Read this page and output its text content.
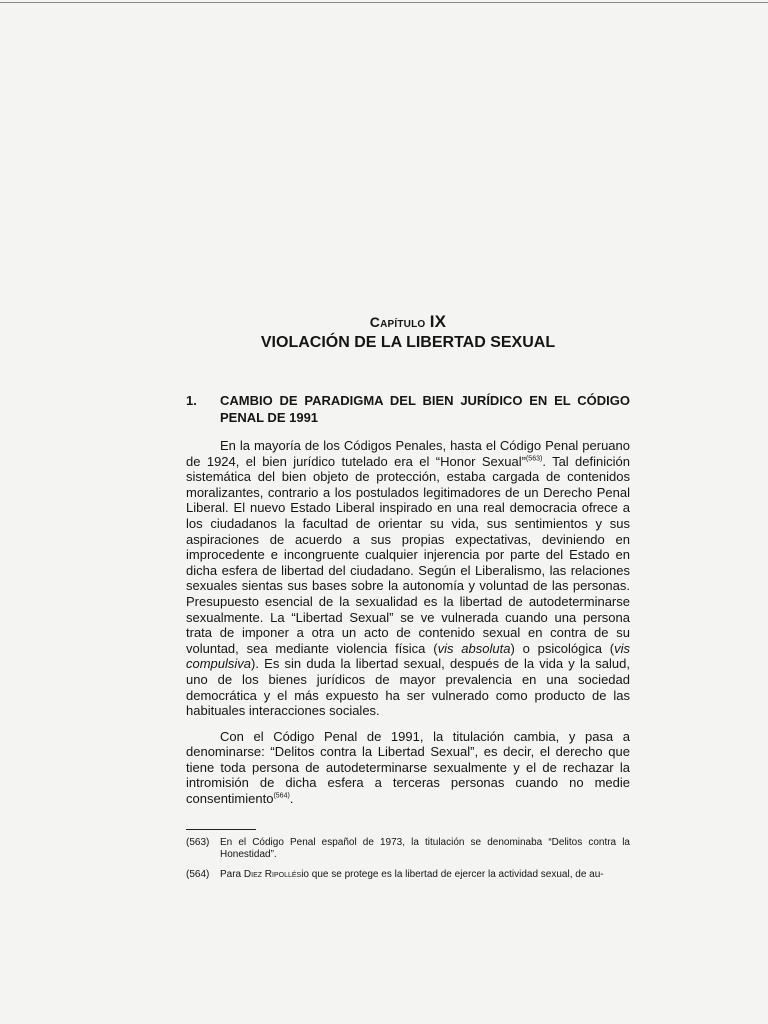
Capítulo IX
VIOLACIÓN DE LA LIBERTAD SEXUAL
1.	CAMBIO DE PARADIGMA DEL BIEN JURÍDICO EN EL CÓDIGO PENAL DE 1991

En la mayoría de los Códigos Penales, hasta el Código Penal peruano de 1924, el bien jurídico tutelado era el “Honor Sexual”$^{(563)}$. Tal definición sistemática del bien objeto de protección, estaba cargada de contenidos moralizantes, contrario a los postulados legitimadores de un Derecho Penal Liberal. El nuevo Estado Liberal inspirado en una real democracia ofrece a los ciudadanos la facultad de orientar su vida, sus sentimientos y sus aspiraciones de acuerdo a sus propias expectativas, deviniendo en improcedente e incongruente cualquier injerencia por parte del Estado en dicha esfera de libertad del ciudadano. Según el Liberalismo, las relaciones sexuales sientas sus bases sobre la autonomía y voluntad de las personas. Presupuesto esencial de la sexualidad es la libertad de autodeterminarse sexualmente. La “Libertad Sexual” se ve vulnerada cuando una persona trata de imponer a otra un acto de contenido sexual en contra de su voluntad, sea mediante violencia física (vis absoluta) o psicológica (vis compulsiva). Es sin duda la libertad sexual, después de la vida y la salud, uno de los bienes jurídicos de mayor prevalencia en una sociedad democrática y el más expuesto ha ser vulnerado como producto de las habituales interacciones sociales.

Con el Código Penal de 1991, la titulación cambia, y pasa a denominarse: “Delitos contra la Libertad Sexual”, es decir, el derecho que tiene toda persona de autodeterminarse sexualmente y el de rechazar la intromisión de dicha esfera a terceras personas cuando no medie consentimiento$^{(564)}$.

(563)	En el Código Penal español de 1973, la titulación se denominaba “Delitos contra la Honestidad”.
(564)	Para Diez Ripollésio que se protege es la libertad de ejercer la actividad sexual, de au-
